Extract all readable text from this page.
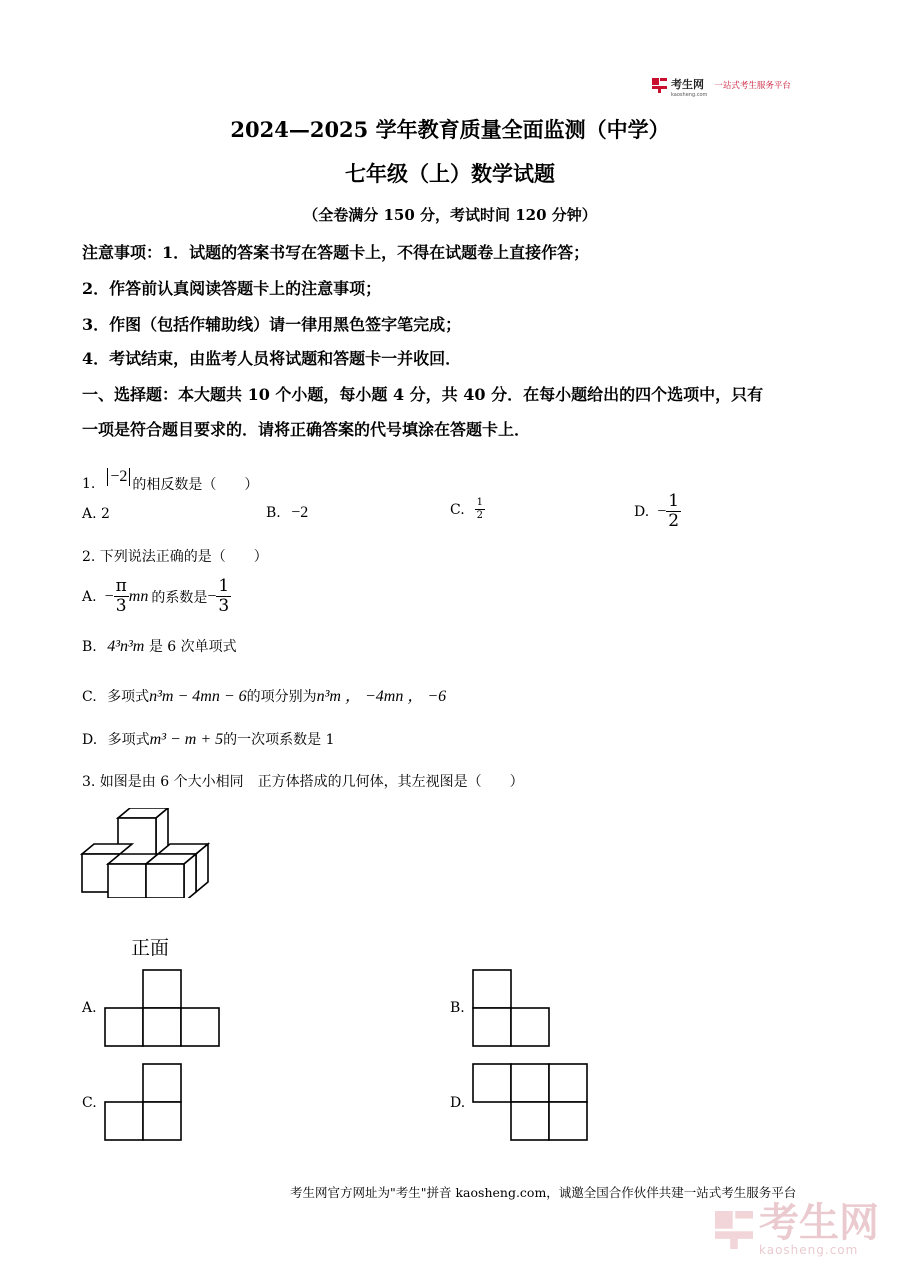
考生网
kaosheng.com
一站式考生服务平台
2024—2025 学年教育质量全面监测（中学）
七年级（上）数学试题
（全卷满分 150 分，考试时间 120 分钟）
注意事项：1．试题的答案书写在答题卡上，不得在试题卷上直接作答；
2．作答前认真阅读答题卡上的注意事项；
3．作图（包括作辅助线）请一律用黑色签字笔完成；
4．考试结束，由监考人员将试题和答题卡一并收回．
一、选择题：本大题共 10 个小题，每小题 4 分，共 40 分．在每小题给出的四个选项中，只有
一项是符合题目要求的．请将正确答案的代号填涂在答题卡上．
1. −2 的相反数是（　　）
A. 2	B. −2	C. $\frac{1}{2}$	D. − $\frac{1}{2}$
2. 下列说法正确的是（　　）
A. − $\frac{\pi}{3}$ mn 的系数是 − $\frac{1}{3}$
B. 4³n³m 是 6 次单项式
C. 多项式n³m − 4mn − 6的项分别为n³m ， −4mn ， −6
D. 多项式m³ − m + 5的一次项系数是 1
3. 如图是由 6 个大小相同　正方体搭成的几何体，其左视图是（　　）
正面
A.	B.
C.	D.
考生网官方网址为"考生"拼音 kaosheng.com，诚邀全国合作伙伴共建一站式考生服务平台
考生网
kaosheng.com
